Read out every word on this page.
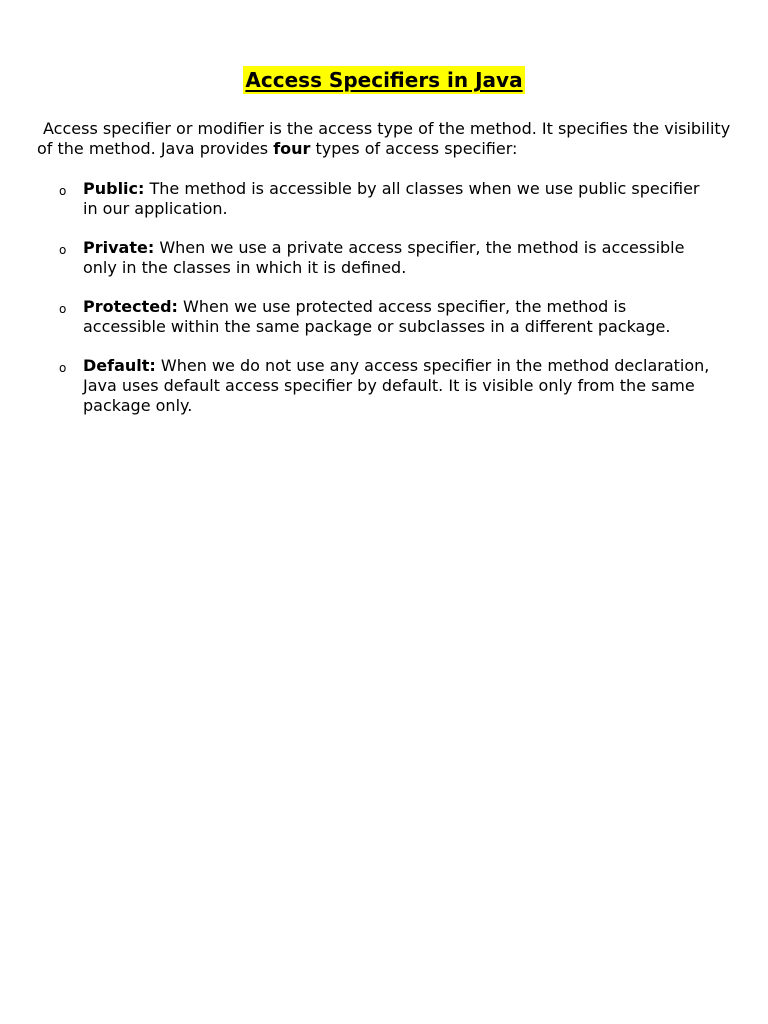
Access Specifiers in Java

Access specifier or modifier is the access type of the method. It specifies the visibility of the method. Java provides four types of access specifier:

o Public: The method is accessible by all classes when we use public specifier in our application.
o Private: When we use a private access specifier, the method is accessible only in the classes in which it is defined.
o Protected: When we use protected access specifier, the method is accessible within the same package or subclasses in a different package.
o Default: When we do not use any access specifier in the method declaration, Java uses default access specifier by default. It is visible only from the same package only.
